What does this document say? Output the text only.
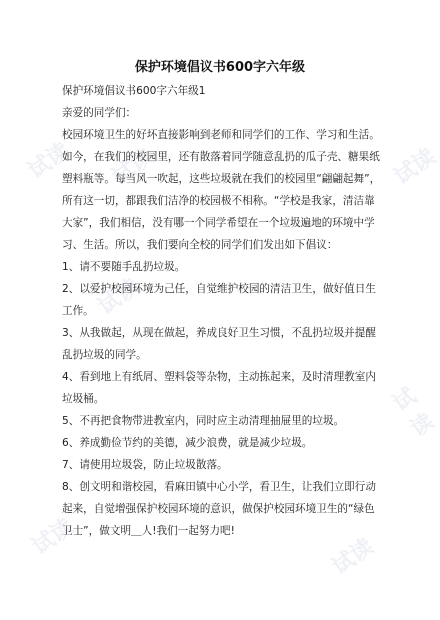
试读
试读
试读	试读
试读
试读	试读
保护环境倡议书600字六年级

保护环境倡议书600字六年级1

亲爱的同学们：

校园环境卫生的好坏直接影响到老师和同学们的工作、学习和生活。如今，在我们的校园里，还有散落着同学随意乱扔的瓜子壳、糖果纸塑料瓶等。每当风一吹起，这些垃圾就在我们的校园里“翩翩起舞”，所有这一切，都跟我们洁净的校园极不相称。“学校是我家，清洁靠大家”，我们相信，没有哪一个同学希望在一个垃圾遍地的环境中学习、生活。所以，我们要向全校的同学们们发出如下倡议：

1、请不要随手乱扔垃圾。

2、以爱护校园环境为己任，自觉维护校园的清洁卫生，做好值日生工作。

3、从我做起，从现在做起，养成良好卫生习惯，不乱扔垃圾并提醒乱扔垃圾的同学。

4、看到地上有纸屑、塑料袋等杂物，主动拣起来，及时清理教室内垃圾桶。

5、不再把食物带进教室内，同时应主动清理抽屉里的垃圾。

6、养成勤俭节约的美德，减少浪费，就是减少垃圾。

7、请使用垃圾袋，防止垃圾散落。

8、创文明和谐校园，看麻田镇中心小学，看卫生，让我们立即行动起来，自觉增强保护校园环境的意识，做保护校园环境卫生的“绿色卫士”，做文明＿人!我们一起努力吧!
